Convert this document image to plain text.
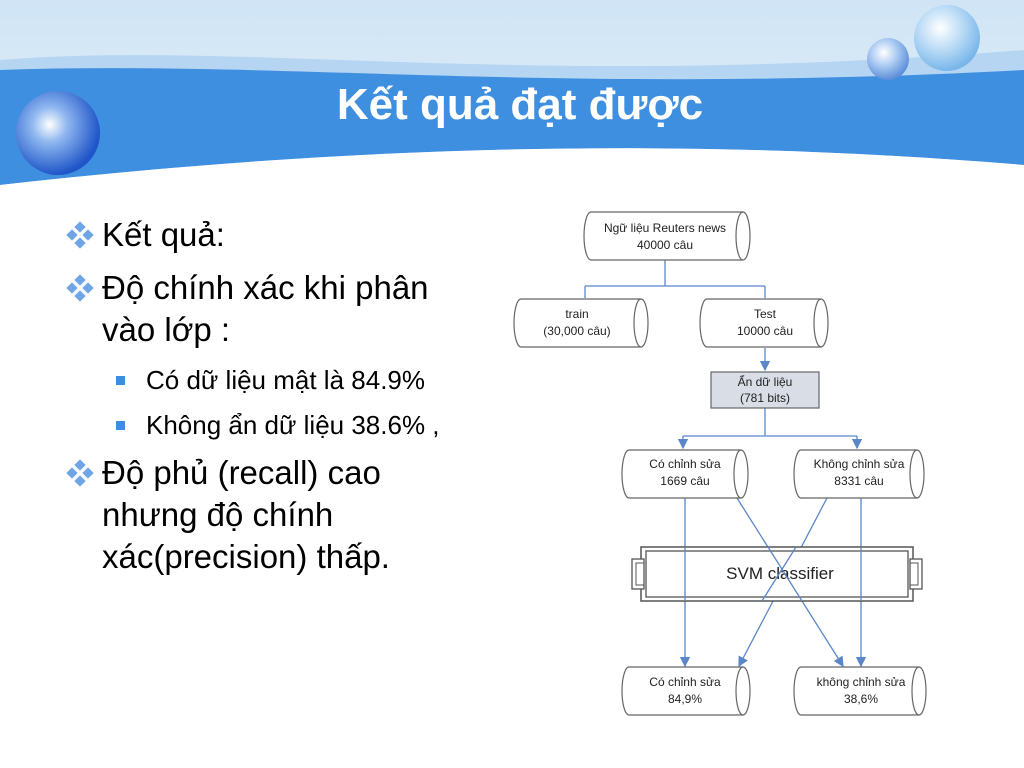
Kết quả đạt được
Kết quả:
Độ chính xác khi phân vào lớp :
Có dữ liệu mật là 84.9%
Không ẩn dữ liệu 38.6% ,
Độ phủ (recall) cao nhưng độ chính xác(precision) thấp.
Ngữ liệu Reuters news
40000 câu
train
(30,000 câu)
Test
10000 câu
Ẩn dữ liệu
(781 bits)
Có chỉnh sửa
1669 câu
Không chỉnh sửa
8331 câu
SVM classifier
Có chỉnh sửa
84,9%
không chỉnh sửa
38,6%
